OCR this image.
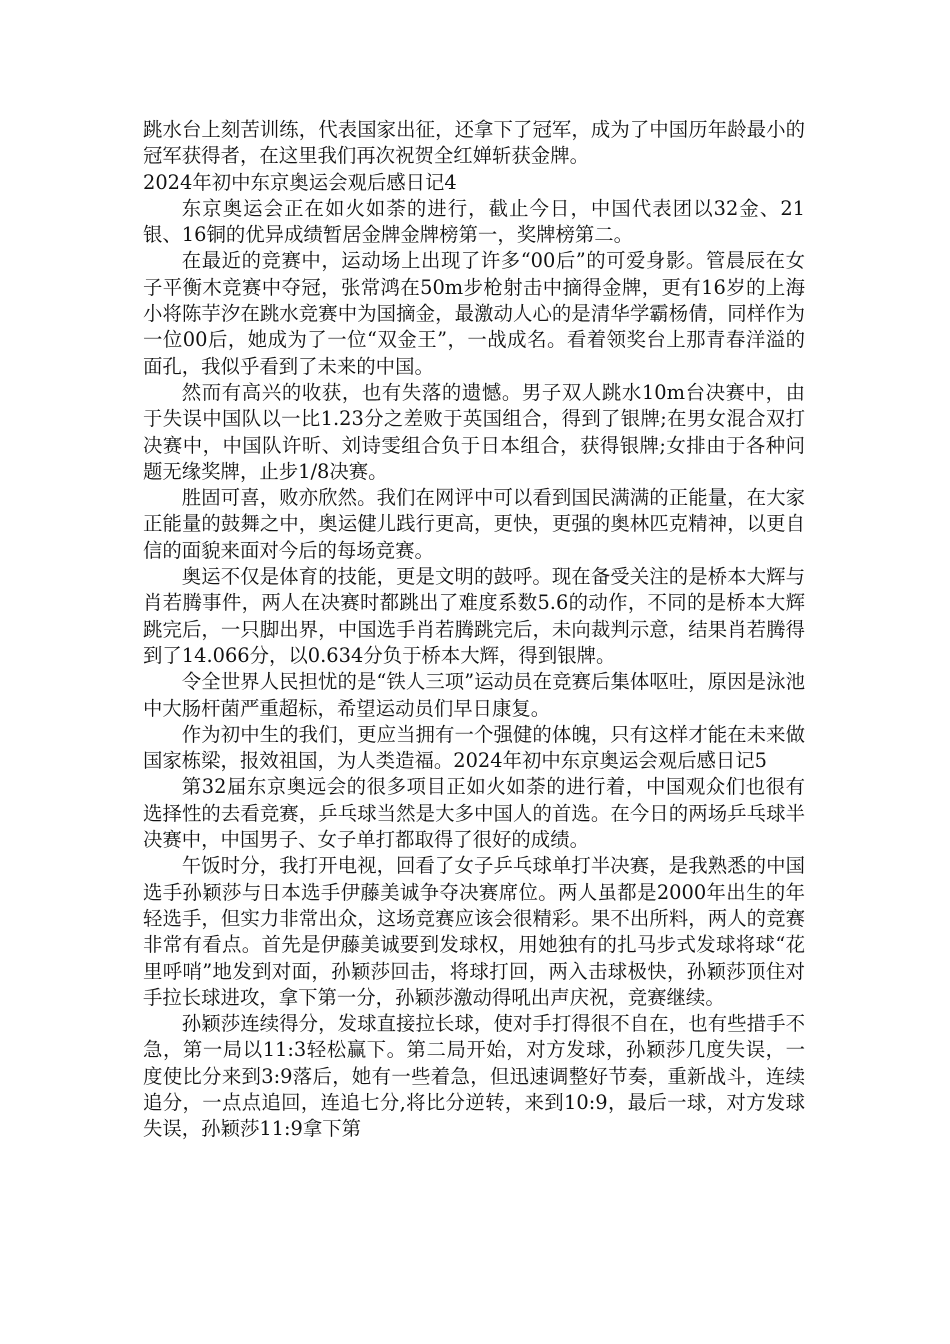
跳水台上刻苦训练，代表国家出征，还拿下了冠军，成为了中国历年龄最小的冠军获得者，在这里我们再次祝贺全红婵斩获金牌。

2024年初中东京奥运会观后感日记4

东京奥运会正在如火如荼的进行，截止今日，中国代表团以32金、21银、16铜的优异成绩暂居金牌金牌榜第一，奖牌榜第二。

在最近的竞赛中，运动场上出现了许多“00后”的可爱身影。管晨辰在女子平衡木竞赛中夺冠，张常鸿在50m步枪射击中摘得金牌，更有16岁的上海小将陈芋汐在跳水竞赛中为国摘金，最激动人心的是清华学霸杨倩，同样作为一位00后，她成为了一位“双金王”，一战成名。看着领奖台上那青春洋溢的面孔，我似乎看到了未来的中国。

然而有高兴的收获，也有失落的遗憾。男子双人跳水10m台决赛中，由于失误中国队以一比1.23分之差败于英国组合，得到了银牌;在男女混合双打决赛中，中国队许昕、刘诗雯组合负于日本组合，获得银牌;女排由于各种问题无缘奖牌，止步1/8决赛。

胜固可喜，败亦欣然。我们在网评中可以看到国民满满的正能量，在大家正能量的鼓舞之中，奥运健儿践行更高，更快，更强的奥林匹克精神，以更自信的面貌来面对今后的每场竞赛。

奥运不仅是体育的技能，更是文明的鼓呼。现在备受关注的是桥本大辉与肖若腾事件，两人在决赛时都跳出了难度系数5.6的动作，不同的是桥本大辉跳完后，一只脚出界，中国选手肖若腾跳完后，未向裁判示意，结果肖若腾得到了14.066分，以0.634分负于桥本大辉，得到银牌。

令全世界人民担忧的是“铁人三项”运动员在竞赛后集体呕吐，原因是泳池中大肠杆菌严重超标，希望运动员们早日康复。

作为初中生的我们，更应当拥有一个强健的体魄，只有这样才能在未来做国家栋梁，报效祖国，为人类造福。2024年初中东京奥运会观后感日记5

第32届东京奥远会的很多项目正如火如荼的进行着，中国观众们也很有选择性的去看竞赛，乒乓球当然是大多中国人的首选。在今日的两场乒乓球半决赛中，中国男子、女子单打都取得了很好的成绩。

午饭时分，我打开电视，回看了女子乒乓球单打半决赛，是我熟悉的中国选手孙颖莎与日本选手伊藤美诚争夺决赛席位。两人虽都是2000年出生的年轻选手，但实力非常出众，这场竞赛应该会很精彩。果不出所料，两人的竞赛非常有看点。首先是伊藤美诚要到发球权，用她独有的扎马步式发球将球“花里呼哨”地发到对面，孙颖莎回击，将球打回，两入击球极快，孙颖莎顶住对手拉长球进攻，拿下第一分，孙颖莎激动得吼出声庆祝，竞赛继续。

孙颖莎连续得分，发球直接拉长球，使对手打得很不自在，也有些措手不急，第一局以11:3轻松赢下。第二局开始，对方发球，孙颖莎几度失误，一度使比分来到3:9落后，她有一些着急，但迅速调整好节奏，重新战斗，连续追分，一点点追回，连追七分,将比分逆转，来到10:9，最后一球，对方发球失误，孙颖莎11:9拿下第
